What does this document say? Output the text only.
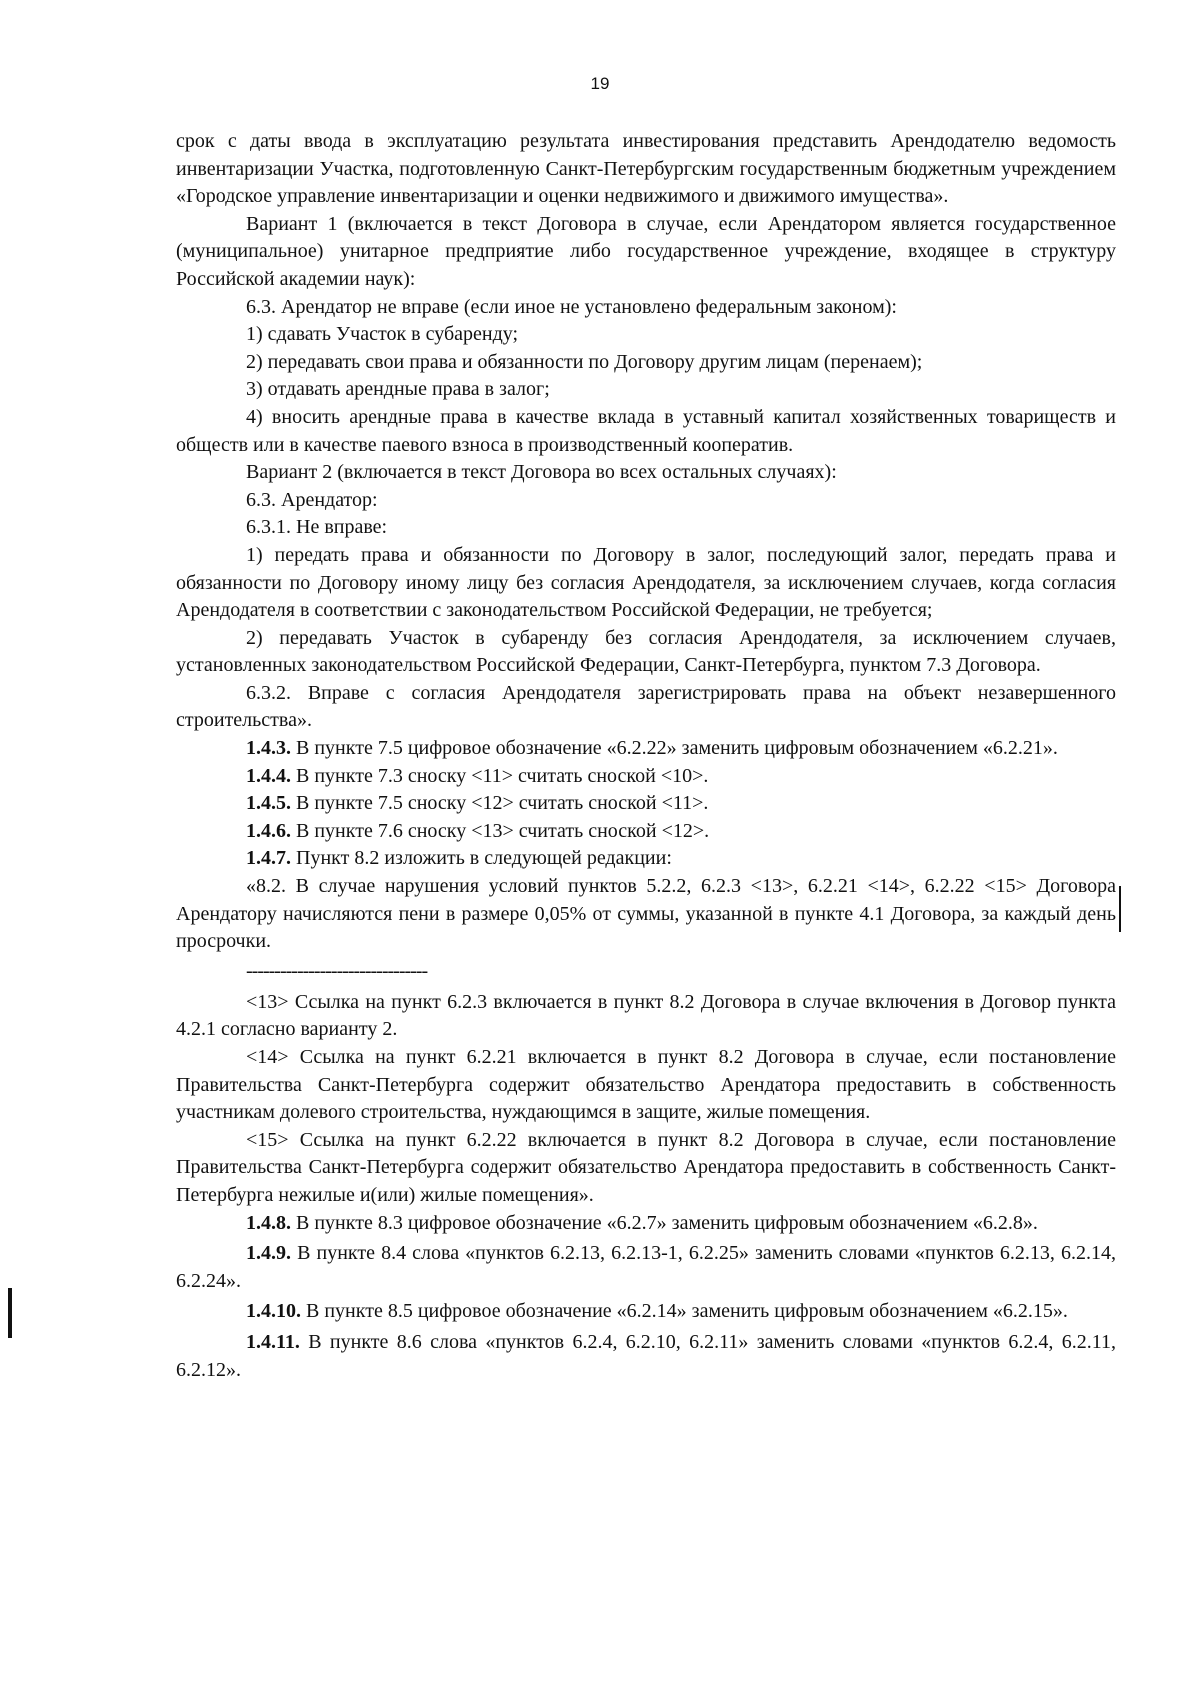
19

срок с даты ввода в эксплуатацию результата инвестирования представить Арендодателю ведомость инвентаризации Участка, подготовленную Санкт-Петербургским государственным бюджетным учреждением «Городское управление инвентаризации и оценки недвижимого и движимого имущества».

Вариант 1 (включается в текст Договора в случае, если Арендатором является государственное (муниципальное) унитарное предприятие либо государственное учреждение, входящее в структуру Российской академии наук):

6.3. Арендатор не вправе (если иное не установлено федеральным законом):

1) сдавать Участок в субаренду;

2) передавать свои права и обязанности по Договору другим лицам (перенаем);

3) отдавать арендные права в залог;

4) вносить арендные права в качестве вклада в уставный капитал хозяйственных товариществ и обществ или в качестве паевого взноса в производственный кооператив.

Вариант 2 (включается в текст Договора во всех остальных случаях):

6.3. Арендатор:

6.3.1. Не вправе:

1) передать права и обязанности по Договору в залог, последующий залог, передать права и обязанности по Договору иному лицу без согласия Арендодателя, за исключением случаев, когда согласия Арендодателя в соответствии с законодательством Российской Федерации, не требуется;

2) передавать Участок в субаренду без согласия Арендодателя, за исключением случаев, установленных законодательством Российской Федерации, Санкт-Петербурга, пунктом 7.3 Договора.

6.3.2. Вправе с согласия Арендодателя зарегистрировать права на объект незавершенного строительства».

1.4.3. В пункте 7.5 цифровое обозначение «6.2.22» заменить цифровым обозначением «6.2.21».

1.4.4. В пункте 7.3 сноску <11> считать сноской <10>.

1.4.5. В пункте 7.5 сноску <12> считать сноской <11>.

1.4.6. В пункте 7.6 сноску <13> считать сноской <12>.

1.4.7. Пункт 8.2 изложить в следующей редакции:

«8.2. В случае нарушения условий пунктов 5.2.2, 6.2.3 <13>, 6.2.21 <14>, 6.2.22 <15> Договора Арендатору начисляются пени в размере 0,05% от суммы, указанной в пункте 4.1 Договора, за каждый день просрочки.

--------------------------------

<13> Ссылка на пункт 6.2.3 включается в пункт 8.2 Договора в случае включения в Договор пункта 4.2.1 согласно варианту 2.

<14> Ссылка на пункт 6.2.21 включается в пункт 8.2 Договора в случае, если постановление Правительства Санкт-Петербурга содержит обязательство Арендатора предоставить в собственность участникам долевого строительства, нуждающимся в защите, жилые помещения.

<15> Ссылка на пункт 6.2.22 включается в пункт 8.2 Договора в случае, если постановление Правительства Санкт-Петербурга содержит обязательство Арендатора предоставить в собственность Санкт-Петербурга нежилые и(или) жилые помещения».

1.4.8. В пункте 8.3 цифровое обозначение «6.2.7» заменить цифровым обозначением «6.2.8».

1.4.9. В пункте 8.4 слова «пунктов 6.2.13, 6.2.13-1, 6.2.25» заменить словами «пунктов 6.2.13, 6.2.14, 6.2.24».

1.4.10. В пункте 8.5 цифровое обозначение «6.2.14» заменить цифровым обозначением «6.2.15».

1.4.11. В пункте 8.6 слова «пунктов 6.2.4, 6.2.10, 6.2.11» заменить словами «пунктов 6.2.4, 6.2.11, 6.2.12».
